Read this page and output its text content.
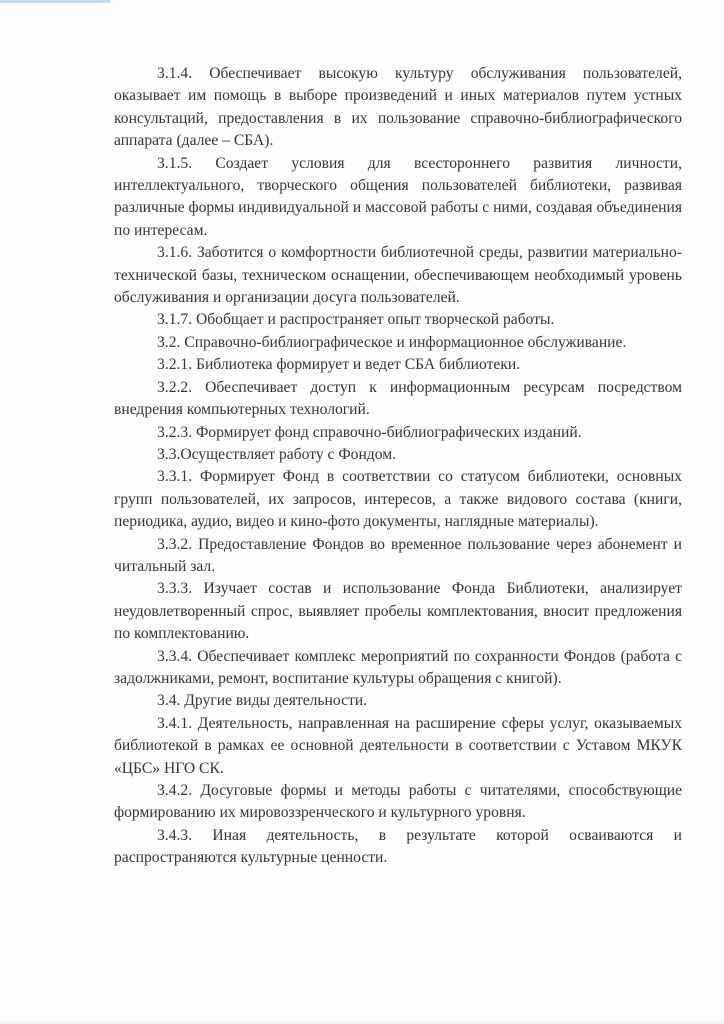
3.1.4. Обеспечивает высокую культуру обслуживания пользователей, оказывает им помощь в выборе произведений и иных материалов путем устных консультаций, предоставления в их пользование справочно-библиографического аппарата (далее – СБА).

3.1.5. Создает условия для всестороннего развития личности, интеллектуального, творческого общения пользователей библиотеки, развивая различные формы индивидуальной и массовой работы с ними, создавая объединения по интересам.

3.1.6. Заботится о комфортности библиотечной среды, развитии материально-технической базы, техническом оснащении, обеспечивающем необходимый уровень обслуживания и организации досуга пользователей.

3.1.7. Обобщает и распространяет опыт творческой работы.

3.2. Справочно-библиографическое и информационное обслуживание.

3.2.1. Библиотека формирует и ведет СБА библиотеки.

3.2.2. Обеспечивает доступ к информационным ресурсам посредством внедрения компьютерных технологий.

3.2.3. Формирует фонд справочно-библиографических изданий.

3.3.Осуществляет работу с Фондом.

3.3.1. Формирует Фонд в соответствии со статусом библиотеки, основных групп пользователей, их запросов, интересов, а также видового состава (книги, периодика, аудио, видео и кино-фото документы, наглядные материалы).

3.3.2. Предоставление Фондов во временное пользование через абонемент и читальный зал.

3.3.3. Изучает состав и использование Фонда Библиотеки, анализирует неудовлетворенный спрос, выявляет пробелы комплектования, вносит предложения по комплектованию.

3.3.4. Обеспечивает комплекс мероприятий по сохранности Фондов (работа с задолжниками, ремонт, воспитание культуры обращения с книгой).

3.4. Другие виды деятельности.

3.4.1. Деятельность, направленная на расширение сферы услуг, оказываемых библиотекой в рамках ее основной деятельности в соответствии с Уставом МКУК «ЦБС» НГО СК.

3.4.2. Досуговые формы и методы работы с читателями, способствующие формированию их мировоззренческого и культурного уровня.

3.4.3. Иная деятельность, в результате которой осваиваются и распространяются культурные ценности.
